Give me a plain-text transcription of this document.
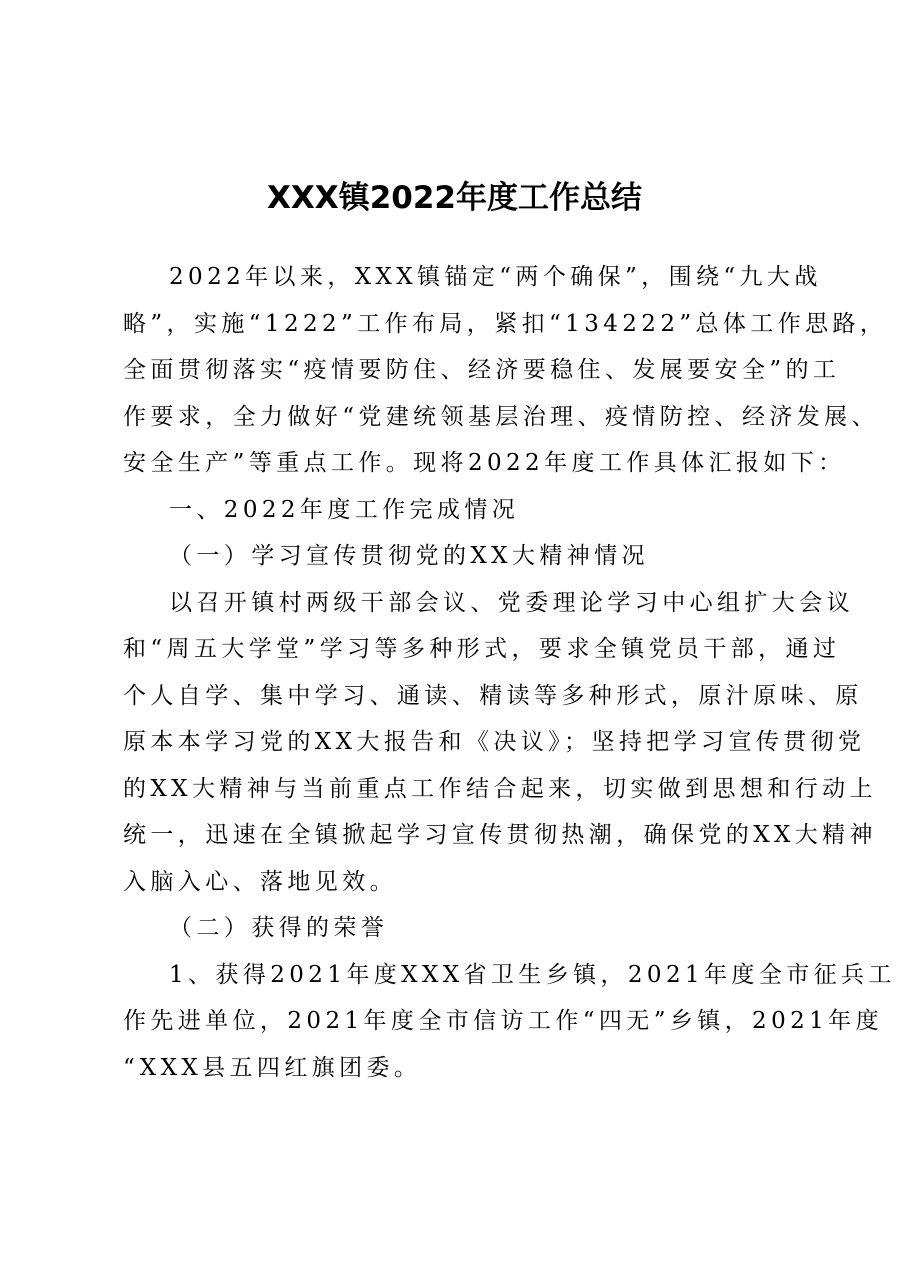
XXX镇2022年度工作总结
2022年以来，XXX镇锚定“两个确保”，围绕“九大战
略”，实施“1222”工作布局，紧扣“134222”总体工作思路，
全面贯彻落实“疫情要防住、经济要稳住、发展要安全”的工
作要求，全力做好“党建统领基层治理、疫情防控、经济发展、
安全生产”等重点工作。现将2022年度工作具体汇报如下：
一、2022年度工作完成情况
（一）学习宣传贯彻党的XX大精神情况
以召开镇村两级干部会议、党委理论学习中心组扩大会议
和“周五大学堂”学习等多种形式，要求全镇党员干部，通过
个人自学、集中学习、通读、精读等多种形式，原汁原味、原
原本本学习党的XX大报告和《决议》；坚持把学习宣传贯彻党
的XX大精神与当前重点工作结合起来，切实做到思想和行动上
统一，迅速在全镇掀起学习宣传贯彻热潮，确保党的XX大精神
入脑入心、落地见效。
（二）获得的荣誉
1、获得2021年度XXX省卫生乡镇，2021年度全市征兵工
作先进单位，2021年度全市信访工作“四无”乡镇，2021年度
“XXX县五四红旗团委。
